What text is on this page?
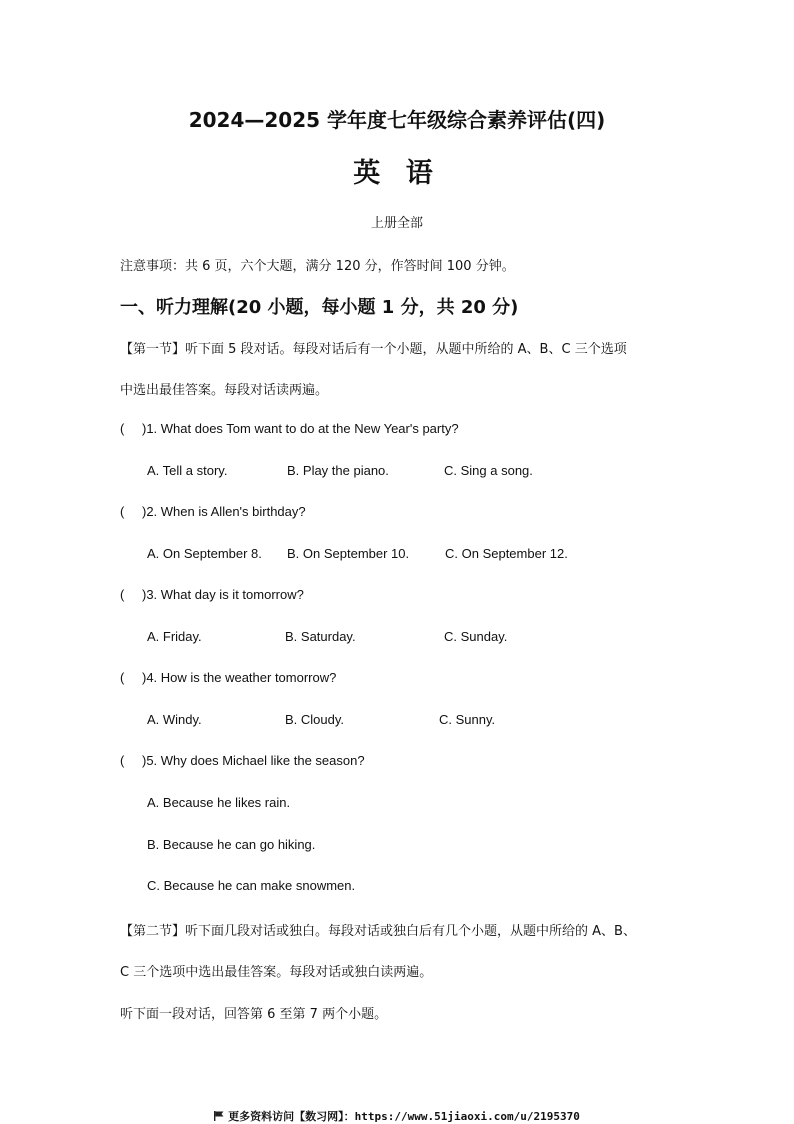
2024—2025 学年度七年级综合素养评估(四)
英 语
上册全部
注意事项：共 6 页，六个大题，满分 120 分，作答时间 100 分钟。
一、听力理解(20 小题，每小题 1 分，共 20 分)
【第一节】听下面 5 段对话。每段对话后有一个小题，从题中所给的 A、B、C 三个选项
中选出最佳答案。每段对话读两遍。
( )1. What does Tom want to do at the New Year's party?
A. Tell a story.	B. Play the piano.	C. Sing a song.
( )2. When is Allen's birthday?
A. On September 8. B. On September 10.	C. On September 12.
( )3. What day is it tomorrow?
A. Friday.	B. Saturday.	C. Sunday.
( )4. How is the weather tomorrow?
A. Windy.	B. Cloudy.	C. Sunny.
( )5. Why does Michael like the season?
A. Because he likes rain.
B. Because he can go hiking.
C. Because he can make snowmen.
【第二节】听下面几段对话或独白。每段对话或独白后有几个小题，从题中所给的 A、B、
C 三个选项中选出最佳答案。每段对话或独白读两遍。
听下面一段对话，回答第 6 至第 7 两个小题。
更多资料访问【数习网】：https://www.51jiaoxi.com/u/2195370
